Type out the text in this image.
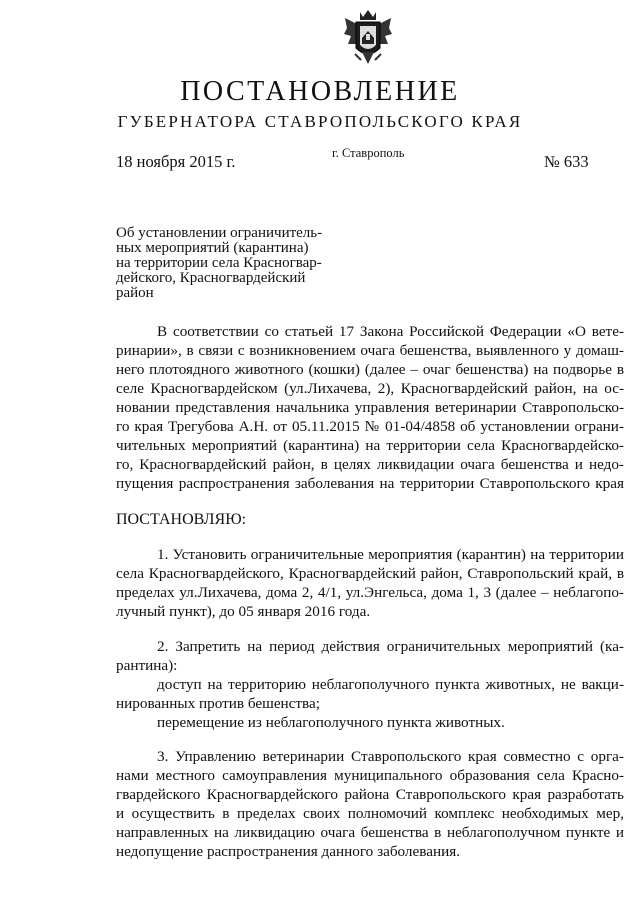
ПОСТАНОВЛЕНИЕ
ГУБЕРНАТОРА СТАВРОПОЛЬСКОГО КРАЯ
18 ноября 2015 г.	г. Ставрополь	№ 633
Об установлении ограничитель-
ных мероприятий (карантина)
на территории села Красногвар-
дейского, Красногвардейский
район
В соответствии со статьей 17 Закона Российской Федерации «О вете-
ринарии», в связи с возникновением очага бешенства, выявленного у домаш-
него плотоядного животного (кошки) (далее – очаг бешенства) на подворье в
селе Красногвардейском (ул.Лихачева, 2), Красногвардейский район, на ос-
новании представления начальника управления ветеринарии Ставропольско-
го края Трегубова А.Н. от 05.11.2015 № 01-04/4858 об установлении ограни-
чительных мероприятий (карантина) на территории села Красногвардейско-
го, Красногвардейский район, в целях ликвидации очага бешенства и недо-
пущения распространения заболевания на территории Ставропольского края
ПОСТАНОВЛЯЮ:
1. Установить ограничительные мероприятия (карантин) на территории
села Красногвардейского, Красногвардейский район, Ставропольский край, в
пределах ул.Лихачева, дома 2, 4/1, ул.Энгельса, дома 1, 3 (далее – неблагопо-
лучный пункт), до 05 января 2016 года.
2. Запретить на период действия ограничительных мероприятий (ка-
рантина):
доступ на территорию неблагополучного пункта животных, не вакци-
нированных против бешенства;
перемещение из неблагополучного пункта животных.
3. Управлению ветеринарии Ставропольского края совместно с орга-
нами местного самоуправления муниципального образования села Красно-
гвардейского Красногвардейского района Ставропольского края разработать
и осуществить в пределах своих полномочий комплекс необходимых мер,
направленных на ликвидацию очага бешенства в неблагополучном пункте и
недопущение распространения данного заболевания.
